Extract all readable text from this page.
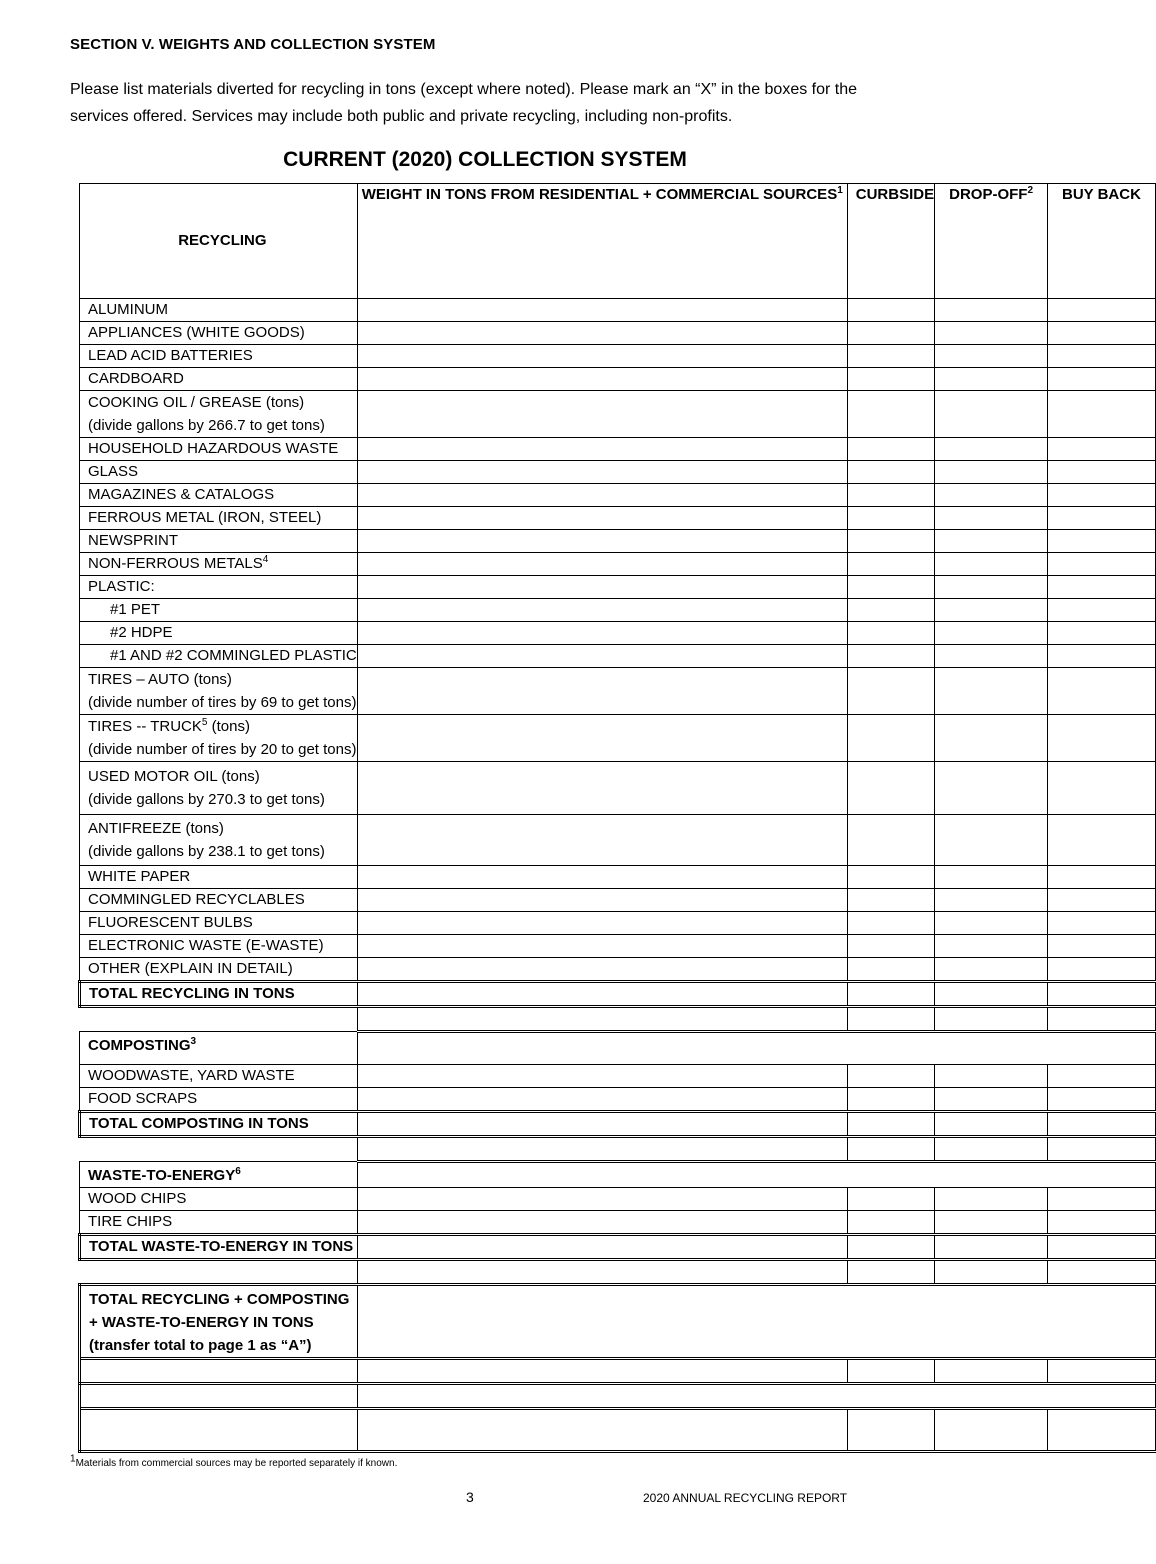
SECTION V. WEIGHTS AND COLLECTION SYSTEM
Please list materials diverted for recycling in tons (except where noted). Please mark an “X” in the boxes for the services offered. Services may include both public and private recycling, including non-profits.
CURRENT (2020) COLLECTION SYSTEM
RECYCLING	WEIGHT IN TONS FROM RESIDENTIAL + COMMERCIAL SOURCES$^1$	CURBSIDE	DROP-OFF$^2$	BUY BACK
ALUMINUM				
APPLIANCES (WHITE GOODS)				
LEAD ACID BATTERIES				
CARDBOARD				
COOKING OIL / GREASE (tons)
(divide gallons by 266.7 to get tons)				
HOUSEHOLD HAZARDOUS WASTE				
GLASS				
MAGAZINES & CATALOGS				
FERROUS METAL (IRON, STEEL)				
NEWSPRINT				
NON-FERROUS METALS$^4$				
PLASTIC:				
#1 PET				
#2 HDPE				
#1 AND #2 COMMINGLED PLASTIC				
TIRES – AUTO (tons)
(divide number of tires by 69 to get tons)				
TIRES -- TRUCK$^5$ (tons)
(divide number of tires by 20 to get tons)				
USED MOTOR OIL (tons)
(divide gallons by 270.3 to get tons)				
ANTIFREEZE (tons)
(divide gallons by 238.1 to get tons)				
WHITE PAPER				
COMMINGLED RECYCLABLES				
FLUORESCENT BULBS				
ELECTRONIC WASTE (E-WASTE)				
OTHER (EXPLAIN IN DETAIL)				
TOTAL RECYCLING IN TONS				

COMPOSTING$^3$	
WOODWASTE, YARD WASTE				
FOOD SCRAPS				
TOTAL COMPOSTING IN TONS				

WASTE-TO-ENERGY$^6$	
WOOD CHIPS				
TIRE CHIPS				
TOTAL WASTE-TO-ENERGY IN TONS				

TOTAL RECYCLING + COMPOSTING
+ WASTE-TO-ENERGY IN TONS
(transfer total to page 1 as “A”)				

$^1$Materials from commercial sources may be reported separately if known.
3	2020 ANNUAL RECYCLING REPORT
